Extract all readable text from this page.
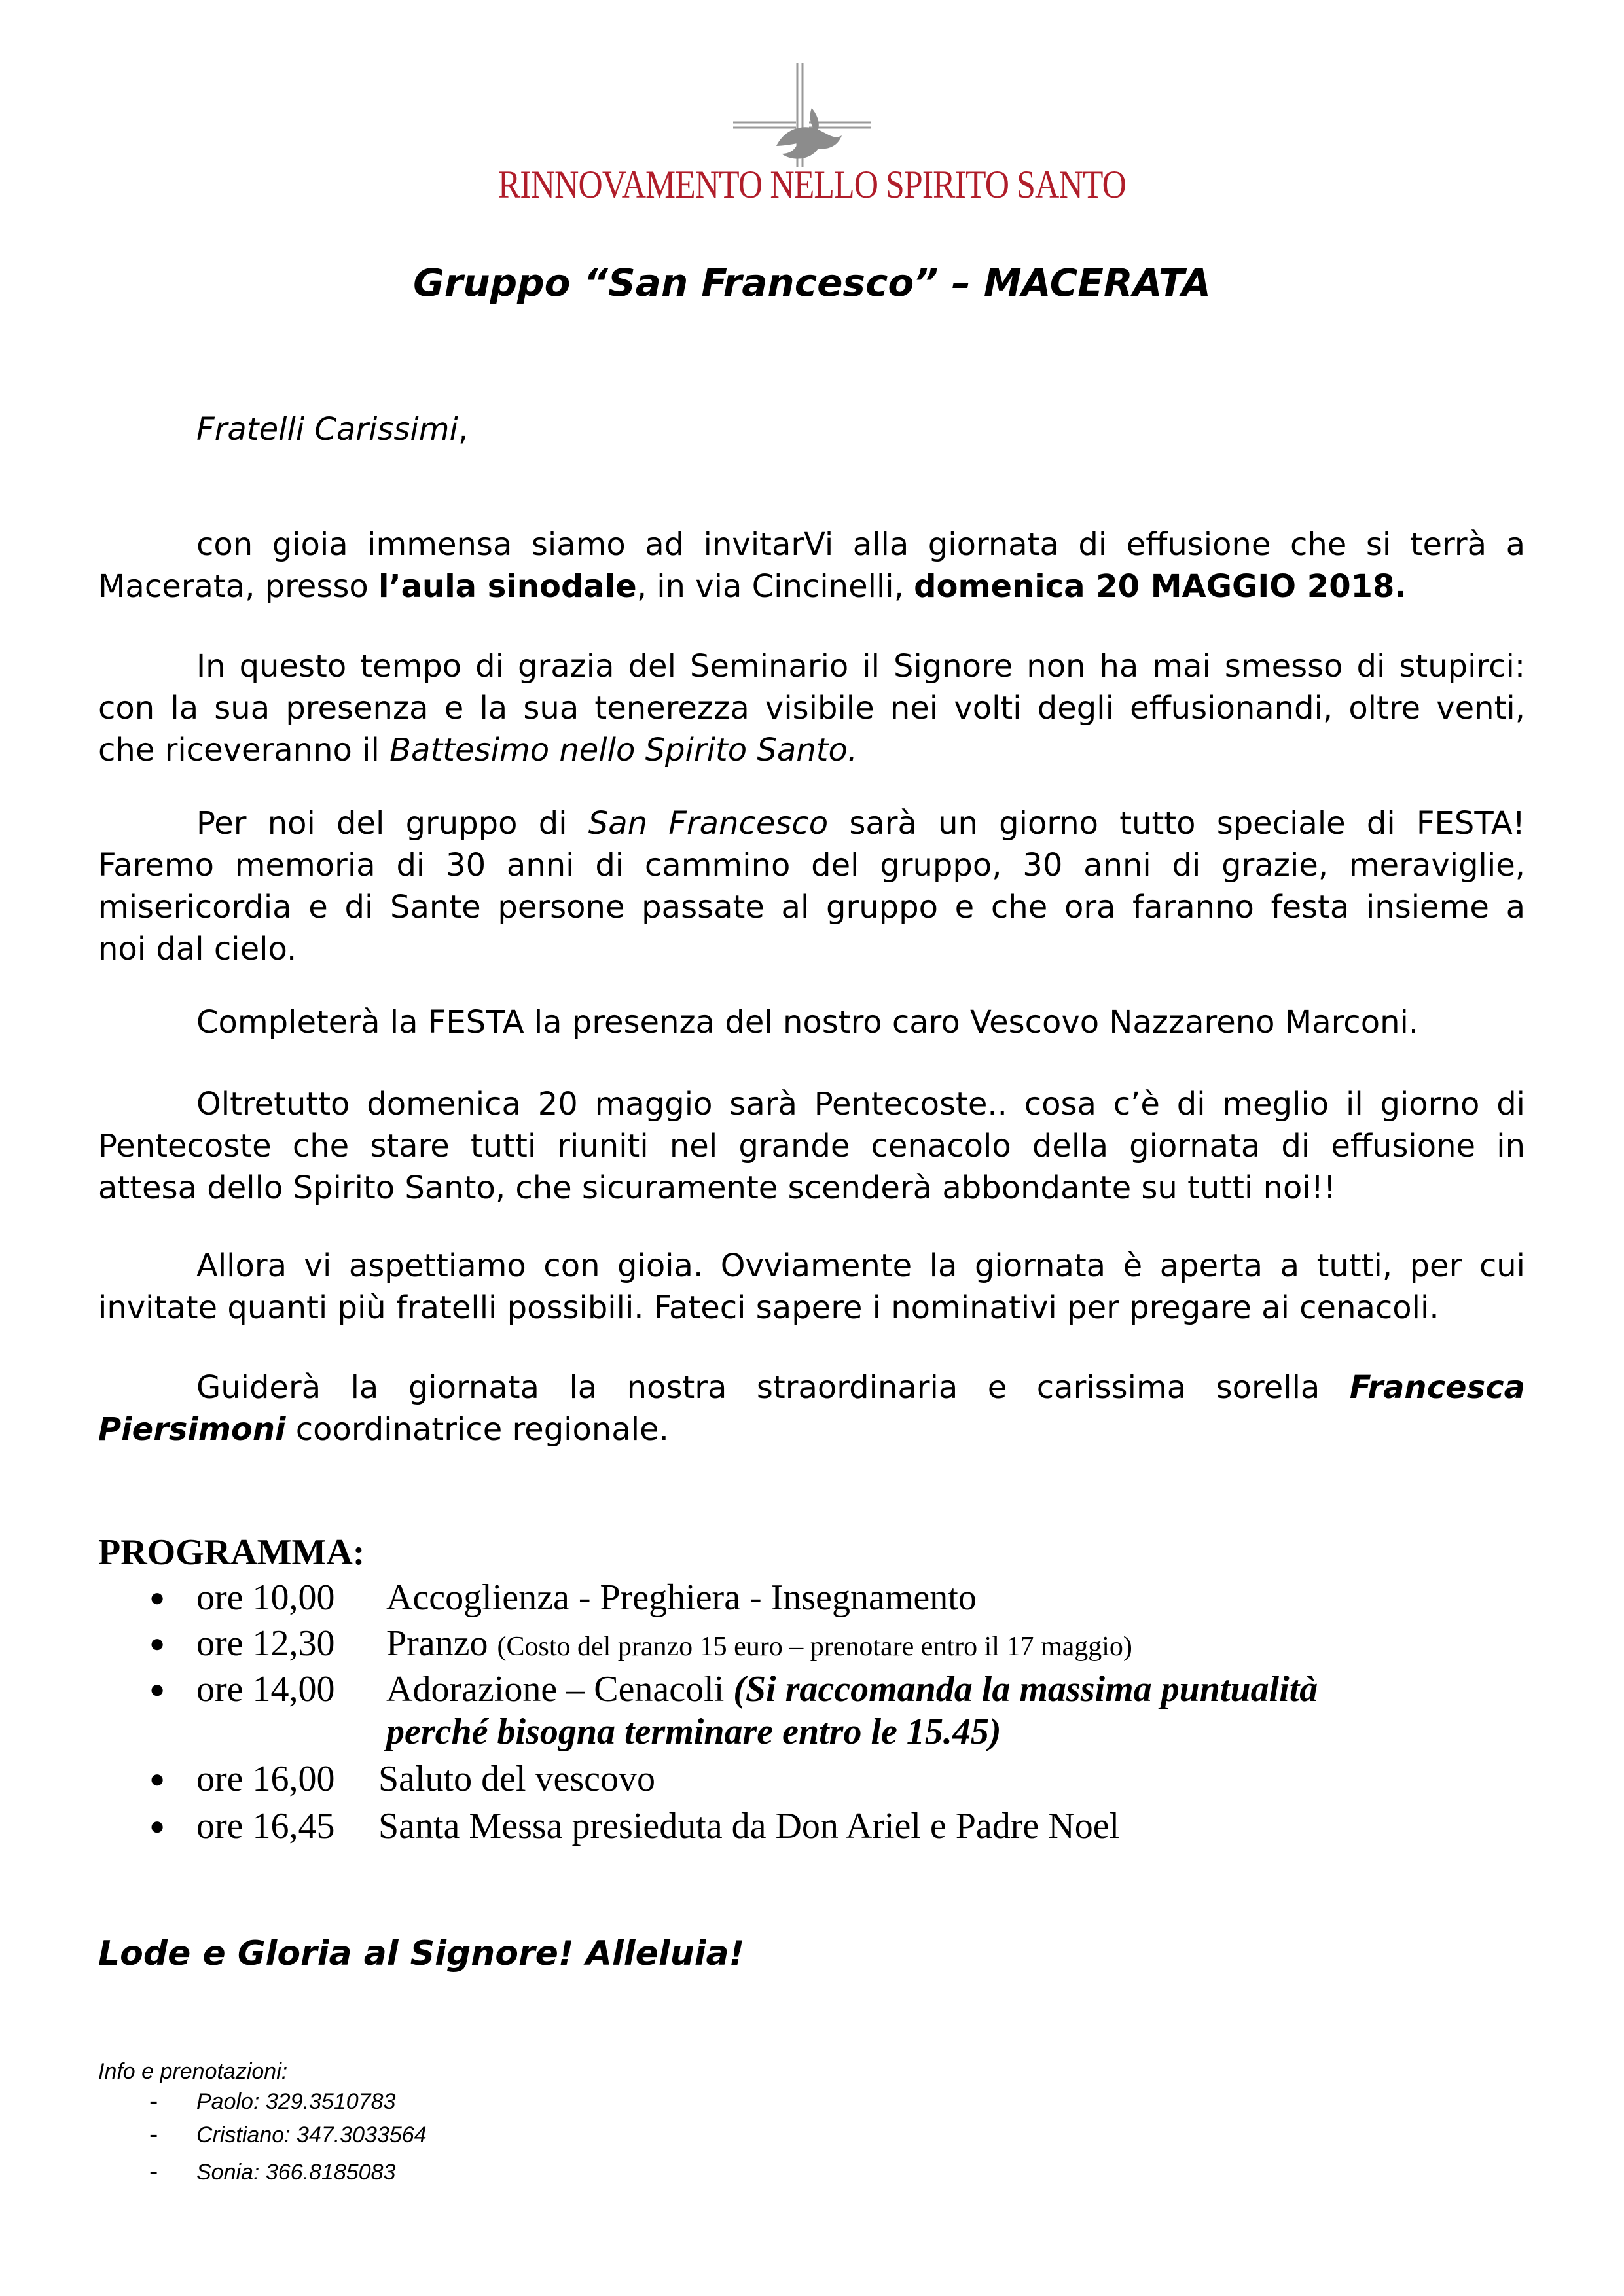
RINNOVAMENTO NELLO SPIRITO SANTO
Gruppo “San Francesco” – MACERATA
Fratelli Carissimi,
con gioia immensa siamo ad invitarVi alla giornata di effusione che si terrà a
Macerata, presso l’aula sinodale, in via Cincinelli, domenica 20 MAGGIO 2018.
In questo tempo di grazia del Seminario il Signore non ha mai smesso di stupirci:
con la sua presenza e la sua tenerezza visibile nei volti degli effusionandi, oltre venti,
che riceveranno il Battesimo nello Spirito Santo.
Per noi del gruppo di San Francesco sarà un giorno tutto speciale di FESTA!
Faremo memoria di 30 anni di cammino del gruppo, 30 anni di grazie, meraviglie,
misericordia e di Sante persone passate al gruppo e che ora faranno festa insieme a
noi dal cielo.
Completerà la FESTA la presenza del nostro caro Vescovo Nazzareno Marconi.
Oltretutto domenica 20 maggio sarà Pentecoste.. cosa c’è di meglio il giorno di
Pentecoste che stare tutti riuniti nel grande cenacolo della giornata di effusione in
attesa dello Spirito Santo, che sicuramente scenderà abbondante su tutti noi!!
Allora vi aspettiamo con gioia. Ovviamente la giornata è aperta a tutti, per cui
invitate quanti più fratelli possibili. Fateci sapere i nominativi per pregare ai cenacoli.
Guiderà la giornata la nostra straordinaria e carissima sorella Francesca
Piersimoni coordinatrice regionale.
PROGRAMMA:
● ore 10,00 Accoglienza - Preghiera - Insegnamento
● ore 12,30 Pranzo (Costo del pranzo 15 euro – prenotare entro il 17 maggio)
● ore 14,00 Adorazione – Cenacoli (Si raccomanda la massima puntualità
perché bisogna terminare entro le 15.45)
● ore 16,00 Saluto del vescovo
● ore 16,45 Santa Messa presieduta da Don Ariel e Padre Noel
Lode e Gloria al Signore! Alleluia!
Info e prenotazioni:
- Paolo: 329.3510783
- Cristiano: 347.3033564
- Sonia: 366.8185083
